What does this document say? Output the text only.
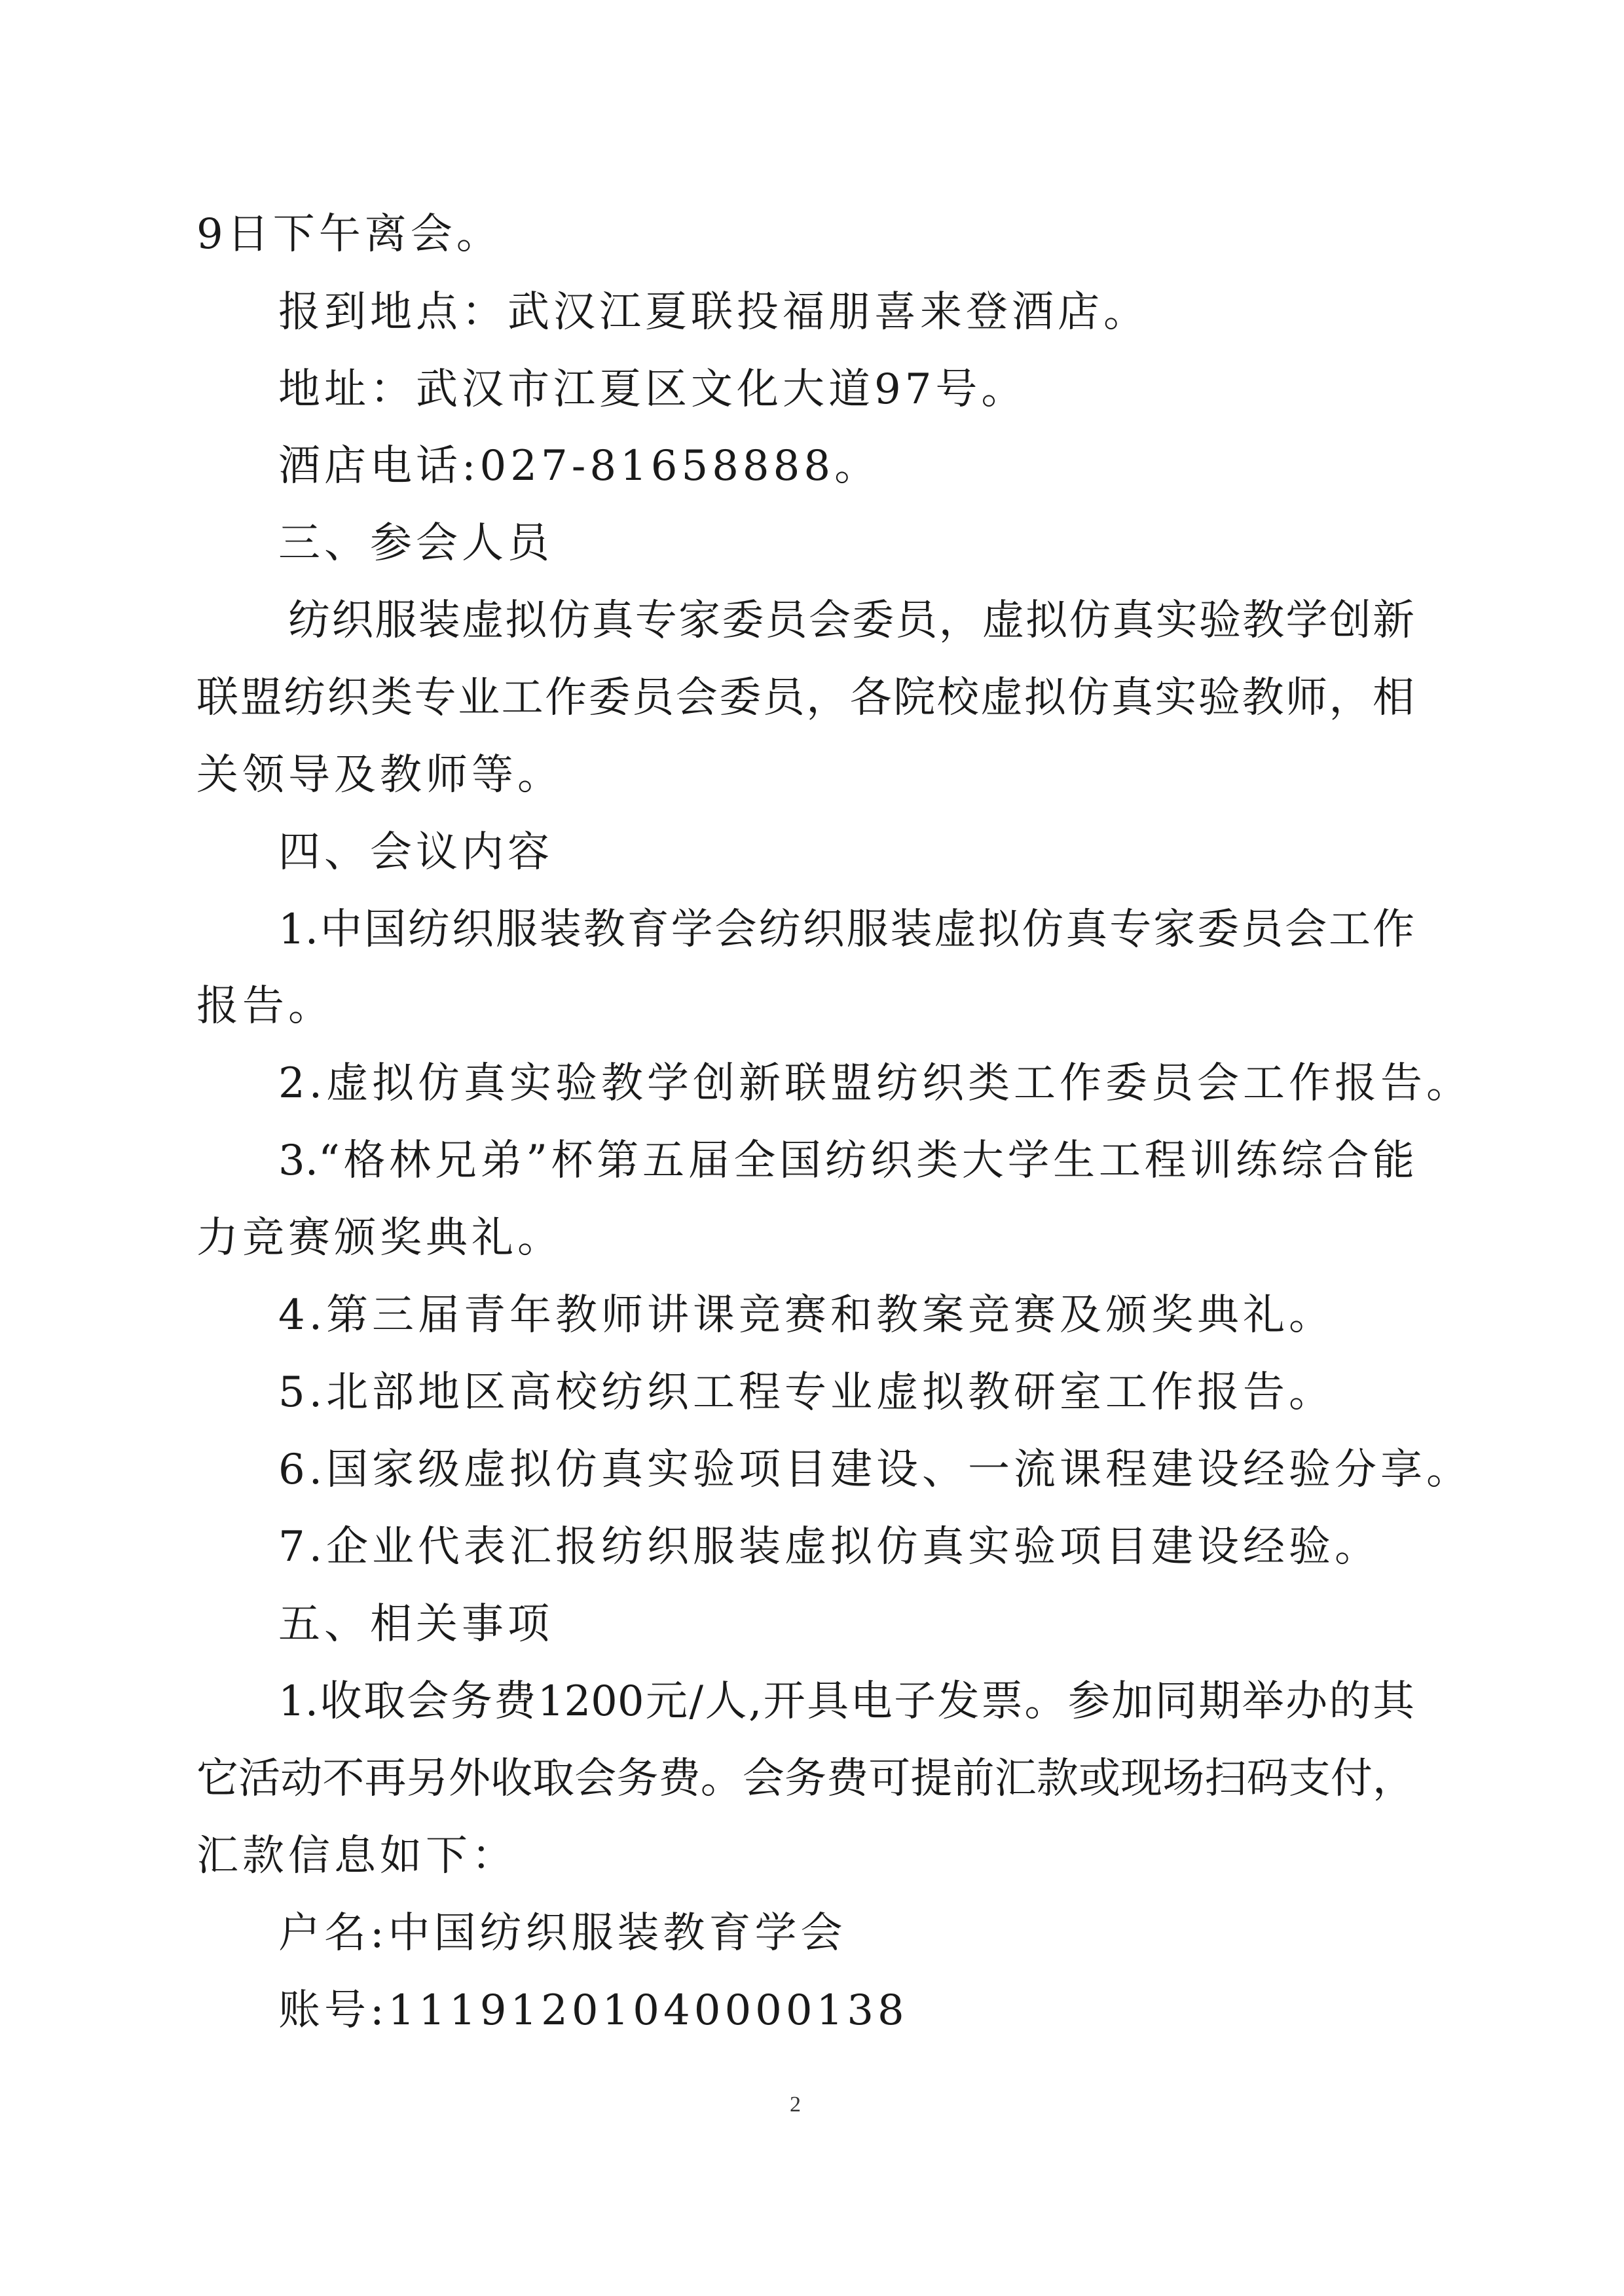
9日下午离会。
报到地点：武汉江夏联投福朋喜来登酒店。
地址：武汉市江夏区文化大道97号。
酒店电话:027-81658888。
三、参会人员
纺织服装虚拟仿真专家委员会委员，虚拟仿真实验教学创新
联盟纺织类专业工作委员会委员，各院校虚拟仿真实验教师，相
关领导及教师等。
四、会议内容
1.中国纺织服装教育学会纺织服装虚拟仿真专家委员会工作
报告。
2.虚拟仿真实验教学创新联盟纺织类工作委员会工作报告。
3.“格林兄弟”杯第五届全国纺织类大学生工程训练综合能
力竞赛颁奖典礼。
4.第三届青年教师讲课竞赛和教案竞赛及颁奖典礼。
5.北部地区高校纺织工程专业虚拟教研室工作报告。
6.国家级虚拟仿真实验项目建设、一流课程建设经验分享。
7.企业代表汇报纺织服装虚拟仿真实验项目建设经验。
五、相关事项
1.收取会务费1200元/人,开具电子发票。参加同期举办的其
它活动不再另外收取会务费。会务费可提前汇款或现场扫码支付，
汇款信息如下：
户名:中国纺织服装教育学会
账号:11191201040000138
2
